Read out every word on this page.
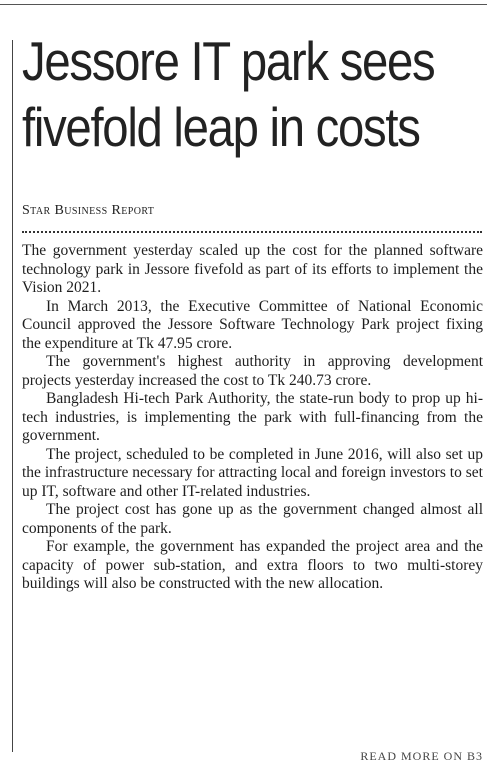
Jessore IT park sees
fivefold leap in costs
Star Business Report

The government yesterday scaled up the cost for the planned software technology park in Jessore fivefold as part of its efforts to implement the Vision 2021.

In March 2013, the Executive Committee of National Economic Council approved the Jessore Software Technology Park project fixing the expenditure at Tk 47.95 crore.

The government's highest authority in approving development projects yesterday increased the cost to Tk 240.73 crore.

Bangladesh Hi-tech Park Authority, the state-run body to prop up hi-tech industries, is implementing the park with full-financing from the government.

The project, scheduled to be completed in June 2016, will also set up the infrastructure necessary for attracting local and foreign investors to set up IT, software and other IT-related industries.

The project cost has gone up as the government changed almost all components of the park.

For example, the government has expanded the project area and the capacity of power sub-station, and extra floors to two multi-storey buildings will also be constructed with the new allocation.

READ MORE ON B3
